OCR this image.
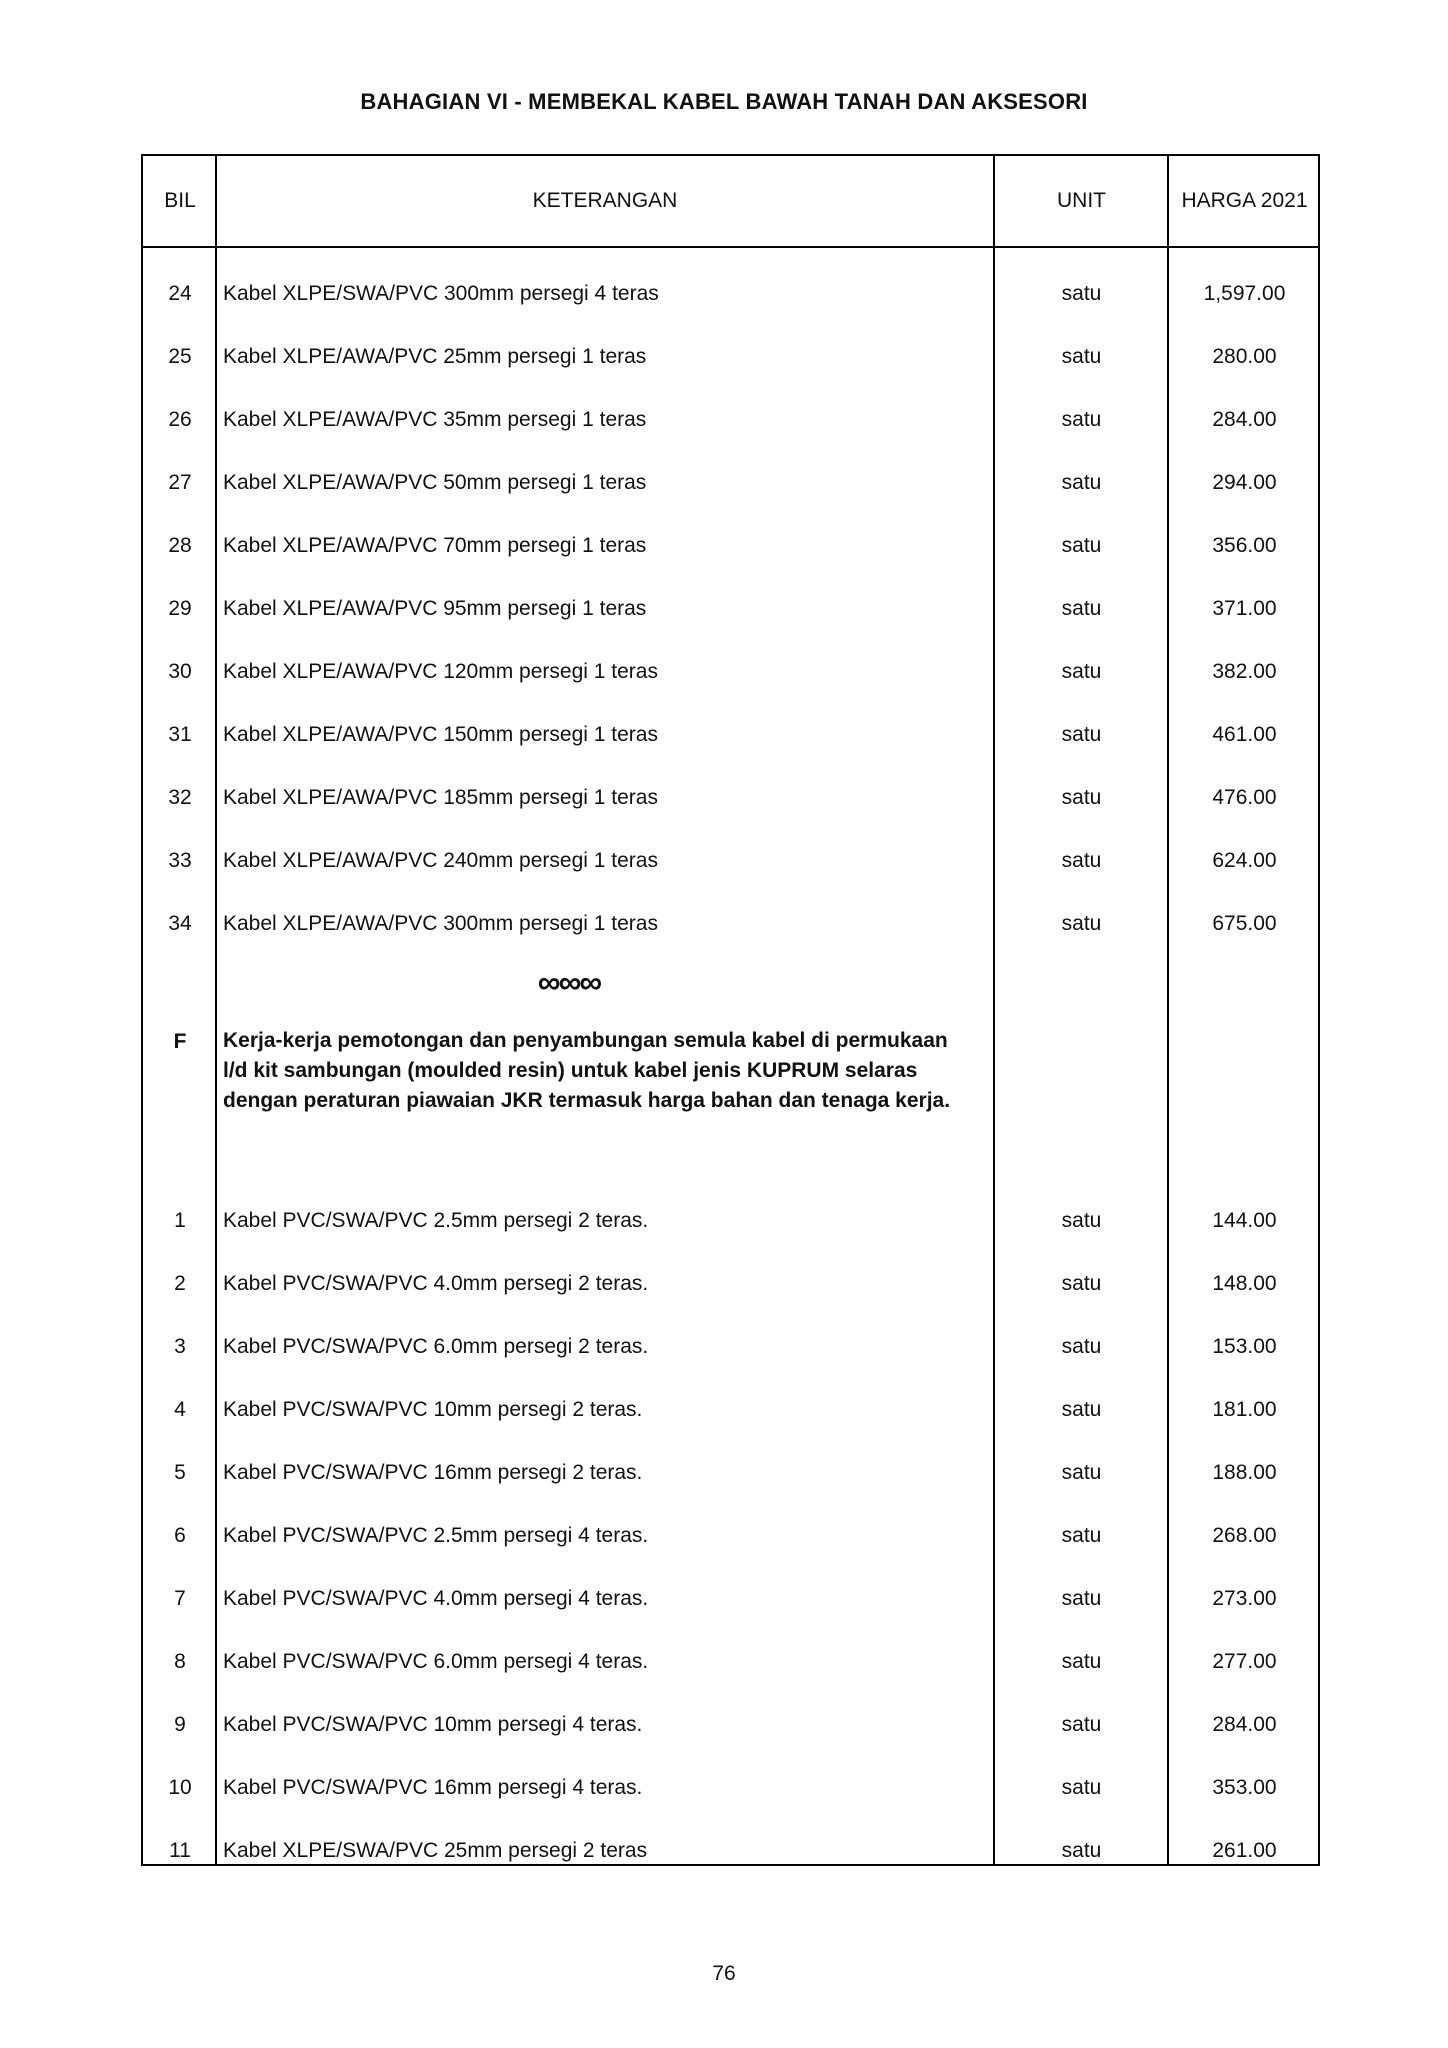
BAHAGIAN VI - MEMBEKAL KABEL BAWAH TANAH DAN AKSESORI
BIL	KETERANGAN	UNIT	HARGA 2021
24	Kabel XLPE/SWA/PVC 300mm persegi 4 teras	satu	1,597.00
25	Kabel XLPE/AWA/PVC 25mm persegi 1 teras	satu	280.00
26	Kabel XLPE/AWA/PVC 35mm persegi 1 teras	satu	284.00
27	Kabel XLPE/AWA/PVC 50mm persegi 1 teras	satu	294.00
28	Kabel XLPE/AWA/PVC 70mm persegi 1 teras	satu	356.00
29	Kabel XLPE/AWA/PVC 95mm persegi 1 teras	satu	371.00
30	Kabel XLPE/AWA/PVC 120mm persegi 1 teras	satu	382.00
31	Kabel XLPE/AWA/PVC 150mm persegi 1 teras	satu	461.00
32	Kabel XLPE/AWA/PVC 185mm persegi 1 teras	satu	476.00
33	Kabel XLPE/AWA/PVC 240mm persegi 1 teras	satu	624.00
34	Kabel XLPE/AWA/PVC 300mm persegi 1 teras	satu	675.00
∞∞∞
F	Kerja-kerja pemotongan dan penyambungan semula kabel di permukaan l/d kit sambungan (moulded resin) untuk kabel jenis KUPRUM selaras dengan peraturan piawaian JKR termasuk harga bahan dan tenaga kerja.
1	Kabel PVC/SWA/PVC 2.5mm persegi 2 teras.	satu	144.00
2	Kabel PVC/SWA/PVC 4.0mm persegi 2 teras.	satu	148.00
3	Kabel PVC/SWA/PVC 6.0mm persegi 2 teras.	satu	153.00
4	Kabel PVC/SWA/PVC 10mm persegi 2 teras.	satu	181.00
5	Kabel PVC/SWA/PVC 16mm persegi 2 teras.	satu	188.00
6	Kabel PVC/SWA/PVC 2.5mm persegi 4 teras.	satu	268.00
7	Kabel PVC/SWA/PVC 4.0mm persegi 4 teras.	satu	273.00
8	Kabel PVC/SWA/PVC 6.0mm persegi 4 teras.	satu	277.00
9	Kabel PVC/SWA/PVC 10mm persegi 4 teras.	satu	284.00
10	Kabel PVC/SWA/PVC 16mm persegi 4 teras.	satu	353.00
11	Kabel XLPE/SWA/PVC 25mm persegi 2 teras	satu	261.00
76
